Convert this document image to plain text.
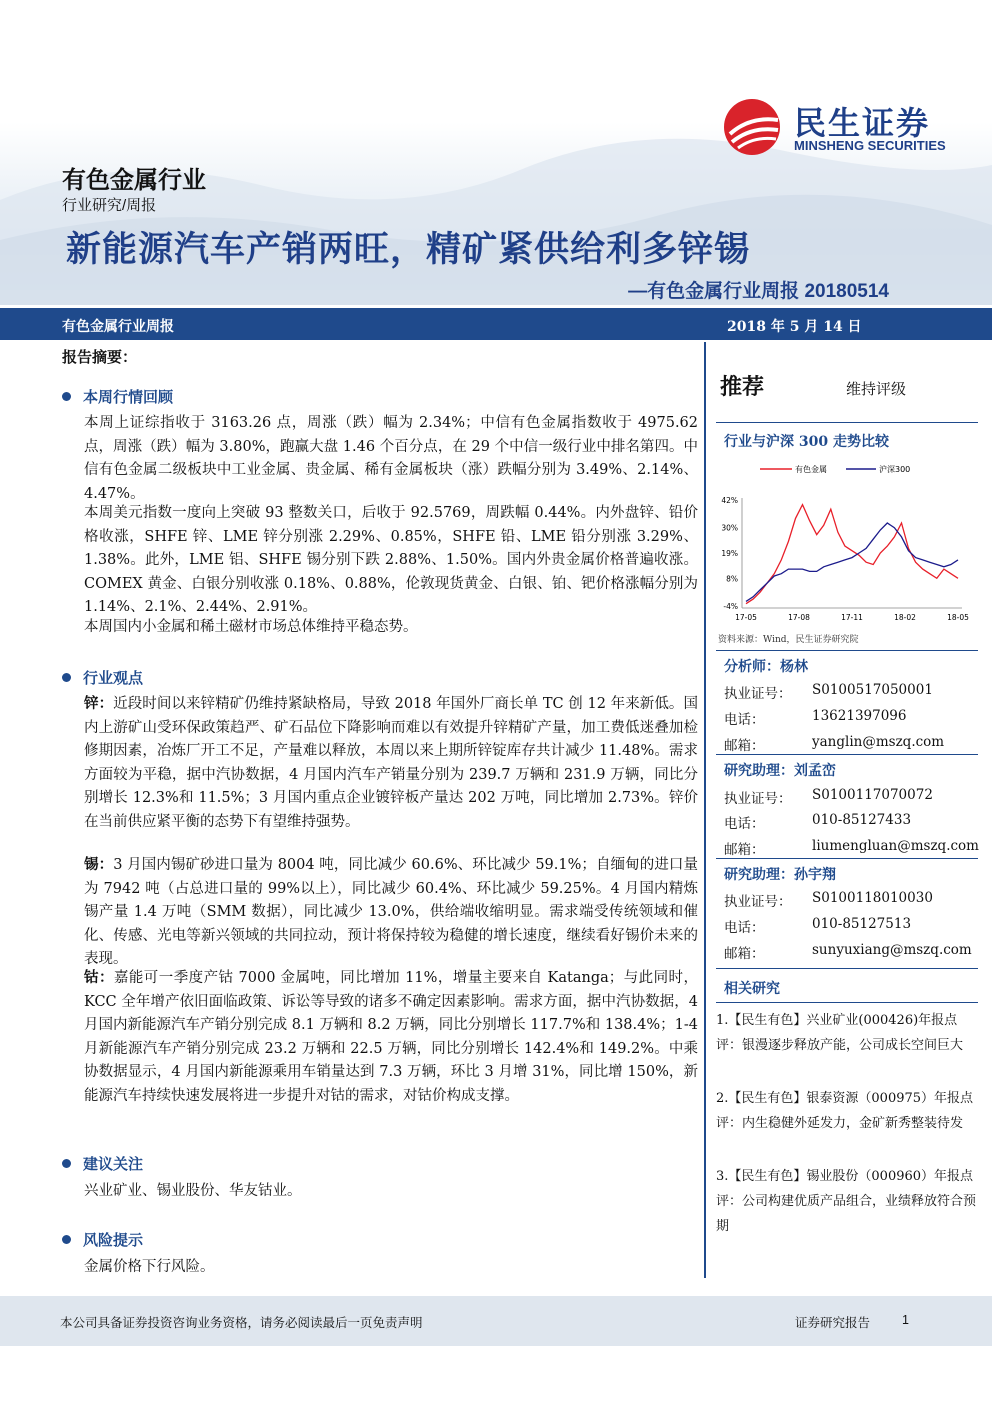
民生证券
MINSHENG SECURITIES
有色金属行业
行业研究/周报
新能源汽车产销两旺，精矿紧供给利多锌锡
—有色金属行业周报 20180514
有色金属行业周报	2018 年 5 月 14 日
报告摘要：
本周行情回顾
本周上证综指收于 3163.26 点，周涨（跌）幅为 2.34%；中信有色金属指数收于 4975.62 点，周涨（跌）幅为 3.80%，跑赢大盘 1.46 个百分点，在 29 个中信一级行业中排名第四。中信有色金属二级板块中工业金属、贵金属、稀有金属板块（涨）跌幅分别为 3.49%、2.14%、4.47%。
本周美元指数一度向上突破 93 整数关口，后收于 92.5769，周跌幅 0.44%。内外盘锌、铅价格收涨，SHFE 锌、LME 锌分别涨 2.29%、0.85%，SHFE 铅、LME 铅分别涨 3.29%、1.38%。此外，LME 铝、SHFE 锡分别下跌 2.88%、1.50%。国内外贵金属价格普遍收涨。COMEX 黄金、白银分别收涨 0.18%、0.88%，伦敦现货黄金、白银、铂、钯价格涨幅分别为 1.14%、2.1%、2.44%、2.91%。
本周国内小金属和稀土磁材市场总体维持平稳态势。
行业观点
锌：近段时间以来锌精矿仍维持紧缺格局，导致 2018 年国外厂商长单 TC 创 12 年来新低。国内上游矿山受环保政策趋严、矿石品位下降影响而难以有效提升锌精矿产量，加工费低迷叠加检修期因素，冶炼厂开工不足，产量难以释放，本周以来上期所锌锭库存共计减少 11.48%。需求方面较为平稳，据中汽协数据，4 月国内汽车产销量分别为 239.7 万辆和 231.9 万辆，同比分别增长 12.3%和 11.5%；3 月国内重点企业镀锌板产量达 202 万吨，同比增加 2.73%。锌价在当前供应紧平衡的态势下有望维持强势。
锡：3 月国内锡矿砂进口量为 8004 吨，同比减少 60.6%、环比减少 59.1%；自缅甸的进口量为 7942 吨（占总进口量的 99%以上），同比减少 60.4%、环比减少 59.25%。4 月国内精炼锡产量 1.4 万吨（SMM 数据），同比减少 13.0%，供给端收缩明显。需求端受传统领域和催化、传感、光电等新兴领域的共同拉动，预计将保持较为稳健的增长速度，继续看好锡价未来的表现。
钴：嘉能可一季度产钴 7000 金属吨，同比增加 11%，增量主要来自 Katanga；与此同时，KCC 全年增产依旧面临政策、诉讼等导致的诸多不确定因素影响。需求方面，据中汽协数据，4 月国内新能源汽车产销分别完成 8.1 万辆和 8.2 万辆，同比分别增长 117.7%和 138.4%；1-4 月新能源汽车产销分别完成 23.2 万辆和 22.5 万辆，同比分别增长 142.4%和 149.2%。中乘协数据显示，4 月国内新能源乘用车销量达到 7.3 万辆，环比 3 月增 31%，同比增 150%，新能源汽车持续快速发展将进一步提升对钴的需求，对钴价构成支撑。
建议关注
兴业矿业、锡业股份、华友钴业。
风险提示
金属价格下行风险。
推荐	维持评级
行业与沪深 300 走势比较
有色金属	沪深300
42%
30%
19%
8%
-4%
17-05	17-08	17-11	18-02	18-05
资料来源：Wind，民生证券研究院
分析师：杨林
执业证号： S0100517050001
电话：	13621397096
邮箱：	yanglin@mszq.com
研究助理：刘孟峦
执业证号： S0100117070072
电话：	010-85127433
邮箱：	liumengluan@mszq.com
研究助理：孙宇翔
执业证号： S0100118010030
电话：	010-85127513
邮箱：	sunyuxiang@mszq.com
相关研究
1.【民生有色】兴业矿业(000426)年报点评：银漫逐步释放产能，公司成长空间巨大
2.【民生有色】银泰资源（000975）年报点评：内生稳健外延发力，金矿新秀整装待发
3.【民生有色】锡业股份（000960）年报点评：公司构建优质产品组合，业绩释放符合预期
本公司具备证券投资咨询业务资格，请务必阅读最后一页免责声明	证券研究报告	1
